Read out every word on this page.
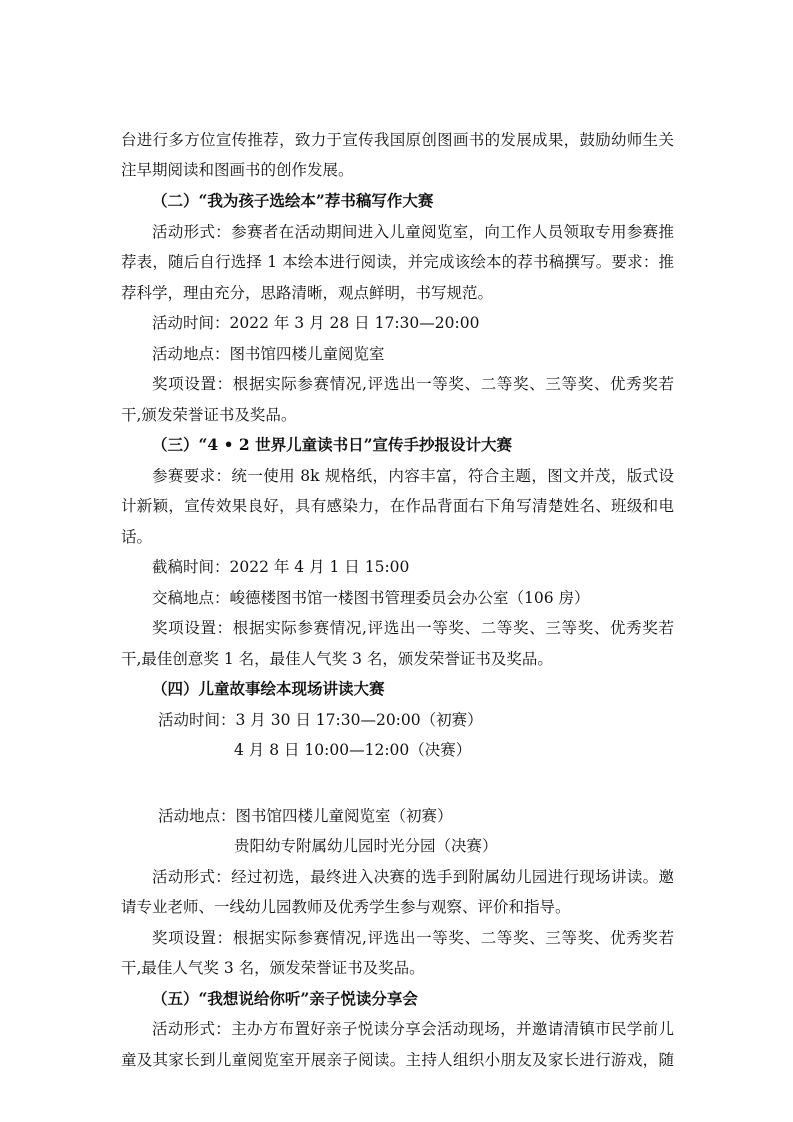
台进行多方位宣传推荐，致力于宣传我国原创图画书的发展成果，鼓励幼师生关
注早期阅读和图画书的创作发展。
（二）“我为孩子选绘本”荐书稿写作大赛
活动形式：参赛者在活动期间进入儿童阅览室，向工作人员领取专用参赛推
荐表，随后自行选择 1 本绘本进行阅读，并完成该绘本的荐书稿撰写。要求：推
荐科学，理由充分，思路清晰，观点鲜明，书写规范。
活动时间：2022 年 3 月 28 日 17:30—20:00
活动地点：图书馆四楼儿童阅览室
奖项设置：根据实际参赛情况,评选出一等奖、二等奖、三等奖、优秀奖若
干,颁发荣誉证书及奖品。
（三）“4 • 2 世界儿童读书日”宣传手抄报设计大赛
参赛要求：统一使用 8k 规格纸，内容丰富，符合主题，图文并茂，版式设
计新颖，宣传效果良好，具有感染力，在作品背面右下角写清楚姓名、班级和电
话。
截稿时间：2022 年 4 月 1 日 15:00
交稿地点：峻德楼图书馆一楼图书管理委员会办公室（106 房）
奖项设置：根据实际参赛情况,评选出一等奖、二等奖、三等奖、优秀奖若
干,最佳创意奖 1 名，最佳人气奖 3 名，颁发荣誉证书及奖品。
（四）儿童故事绘本现场讲读大赛
活动时间：3 月 30 日 17:30—20:00（初赛）
4 月 8 日 10:00—12:00（决赛）
活动地点：图书馆四楼儿童阅览室（初赛）
贵阳幼专附属幼儿园时光分园（决赛）
活动形式：经过初选，最终进入决赛的选手到附属幼儿园进行现场讲读。邀
请专业老师、一线幼儿园教师及优秀学生参与观察、评价和指导。
奖项设置：根据实际参赛情况,评选出一等奖、二等奖、三等奖、优秀奖若
干,最佳人气奖 3 名，颁发荣誉证书及奖品。
（五）“我想说给你听”亲子悦读分享会
活动形式：主办方布置好亲子悦读分享会活动现场，并邀请清镇市民学前儿
童及其家长到儿童阅览室开展亲子阅读。主持人组织小朋友及家长进行游戏，随
